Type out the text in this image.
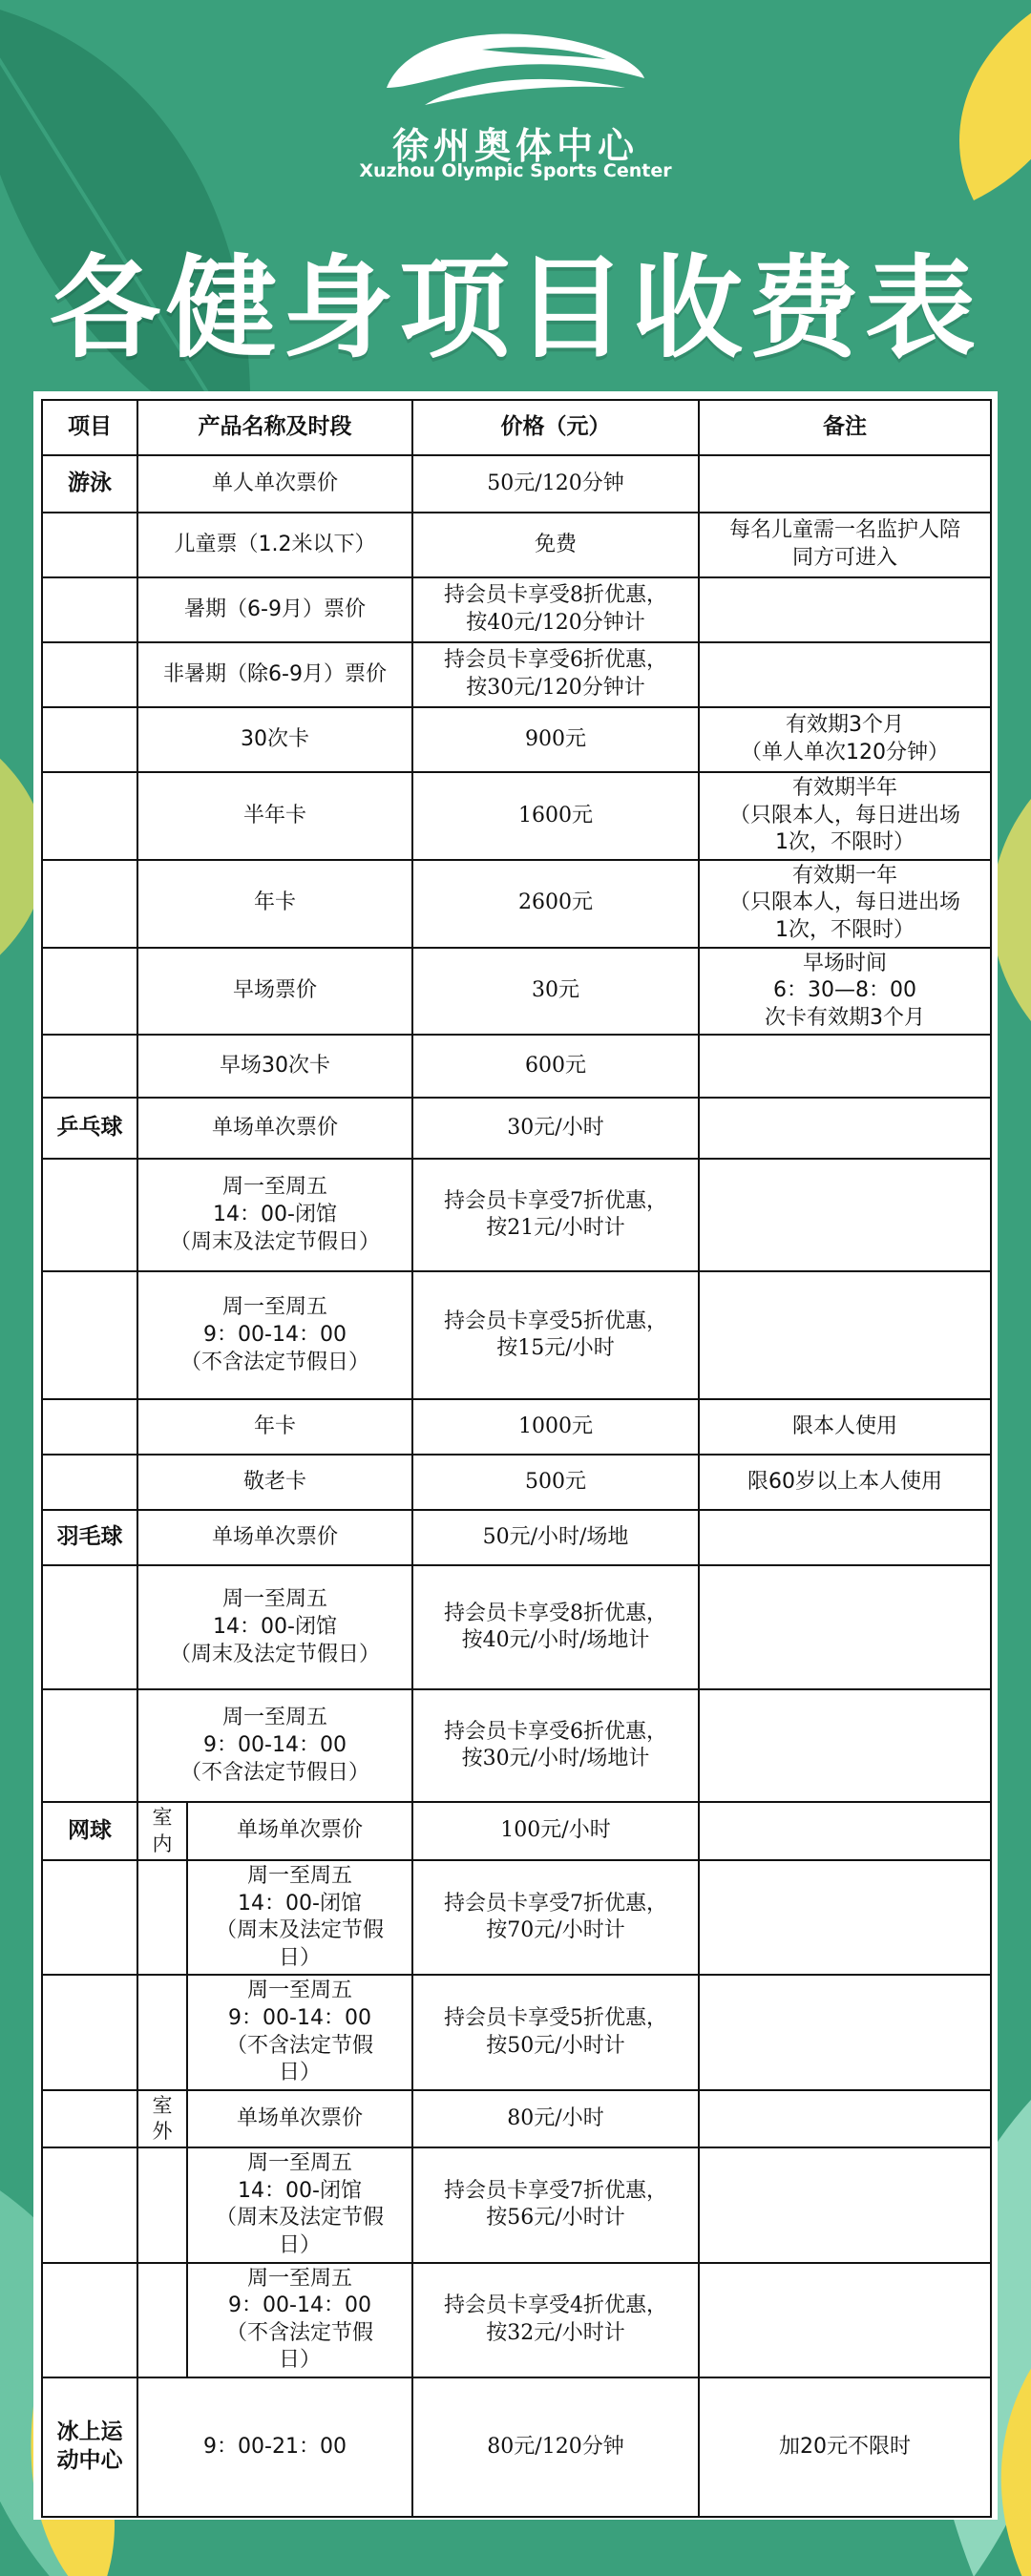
徐州奥体中心
Xuzhou Olympic Sports Center
各健身项目收费表
项目	产品名称及时段		价格（元）	备注
游泳	单人单次票价		50元/120分钟	
	儿童票（1.2米以下）		免费	每名儿童需一名监护人陪
同方可进入
	暑期（6-9月）票价		持会员卡享受8折优惠，
按40元/120分钟计	
	非暑期（除6-9月）票价		持会员卡享受6折优惠，
按30元/120分钟计	
	30次卡		900元	有效期3个月
（单人单次120分钟）
	半年卡		1600元	有效期半年
（只限本人，每日进出场
1次，不限时）
	年卡		2600元	有效期一年
（只限本人，每日进出场
1次，不限时）
	早场票价		30元	早场时间
6：30—8：00
次卡有效期3个月
	早场30次卡		600元	
乒乓球	单场单次票价		30元/小时	
	周一至周五
14：00-闭馆
（周末及法定节假日）		持会员卡享受7折优惠，
按21元/小时计	
	周一至周五
9：00-14：00
（不含法定节假日）		持会员卡享受5折优惠，
按15元/小时	
	年卡		1000元	限本人使用
	敬老卡		500元	限60岁以上本人使用
羽毛球	单场单次票价		50元/小时/场地	
	周一至周五
14：00-闭馆
（周末及法定节假日）		持会员卡享受8折优惠，
按40元/小时/场地计	
	周一至周五
9：00-14：00
（不含法定节假日）		持会员卡享受6折优惠，
按30元/小时/场地计	
网球	室
内	单场单次票价	100元/小时	
		周一至周五
14：00-闭馆
（周末及法定节假
日）	持会员卡享受7折优惠，
按70元/小时计	
		周一至周五
9：00-14：00
（不含法定节假
日）	持会员卡享受5折优惠，
按50元/小时计	
	室
外	单场单次票价	80元/小时	
		周一至周五
14：00-闭馆
（周末及法定节假
日）	持会员卡享受7折优惠，
按56元/小时计	
		周一至周五
9：00-14：00
（不含法定节假
日）	持会员卡享受4折优惠，
按32元/小时计	
冰上运
动中心	9：00-21：00		80元/120分钟	加20元不限时
